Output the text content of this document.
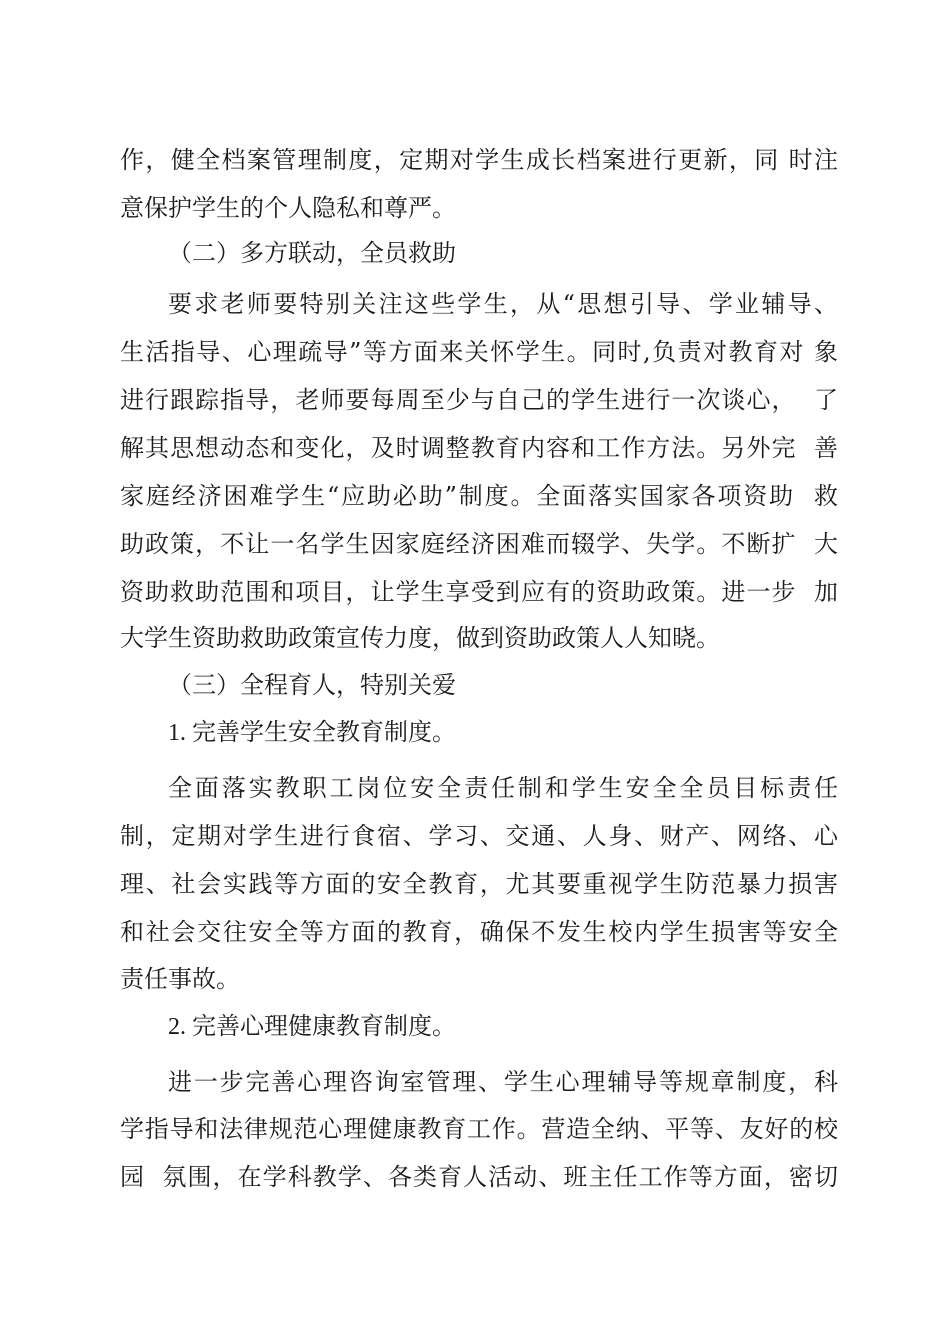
作，健全档案管理制度，定期对学生成长档案进行更新，同 时注
意保护学生的个人隐私和尊严。
（二）多方联动，全员救助
要求老师要特别关注这些学生，从“思想引导、学业辅导、
生活指导、心理疏导”等方面来关怀学生。同时,负责对教育对 象
进行跟踪指导，老师要每周至少与自己的学生进行一次谈心，  了
解其思想动态和变化，及时调整教育内容和工作方法。另外完  善
家庭经济困难学生“应助必助”制度。全面落实国家各项资助  救
助政策，不让一名学生因家庭经济困难而辍学、失学。不断扩  大
资助救助范围和项目，让学生享受到应有的资助政策。进一步  加
大学生资助救助政策宣传力度，做到资助政策人人知晓。
（三）全程育人，特别关爱
1. 完善学生安全教育制度。
全面落实教职工岗位安全责任制和学生安全全员目标责任
制，定期对学生进行食宿、学习、交通、人身、财产、网络、心
理、社会实践等方面的安全教育，尤其要重视学生防范暴力损害
和社会交往安全等方面的教育，确保不发生校内学生损害等安全
责任事故。
2. 完善心理健康教育制度。
进一步完善心理咨询室管理、学生心理辅导等规章制度，科
学指导和法律规范心理健康教育工作。营造全纳、平等、友好的校
园  氛围，在学科教学、各类育人活动、班主任工作等方面，密切
